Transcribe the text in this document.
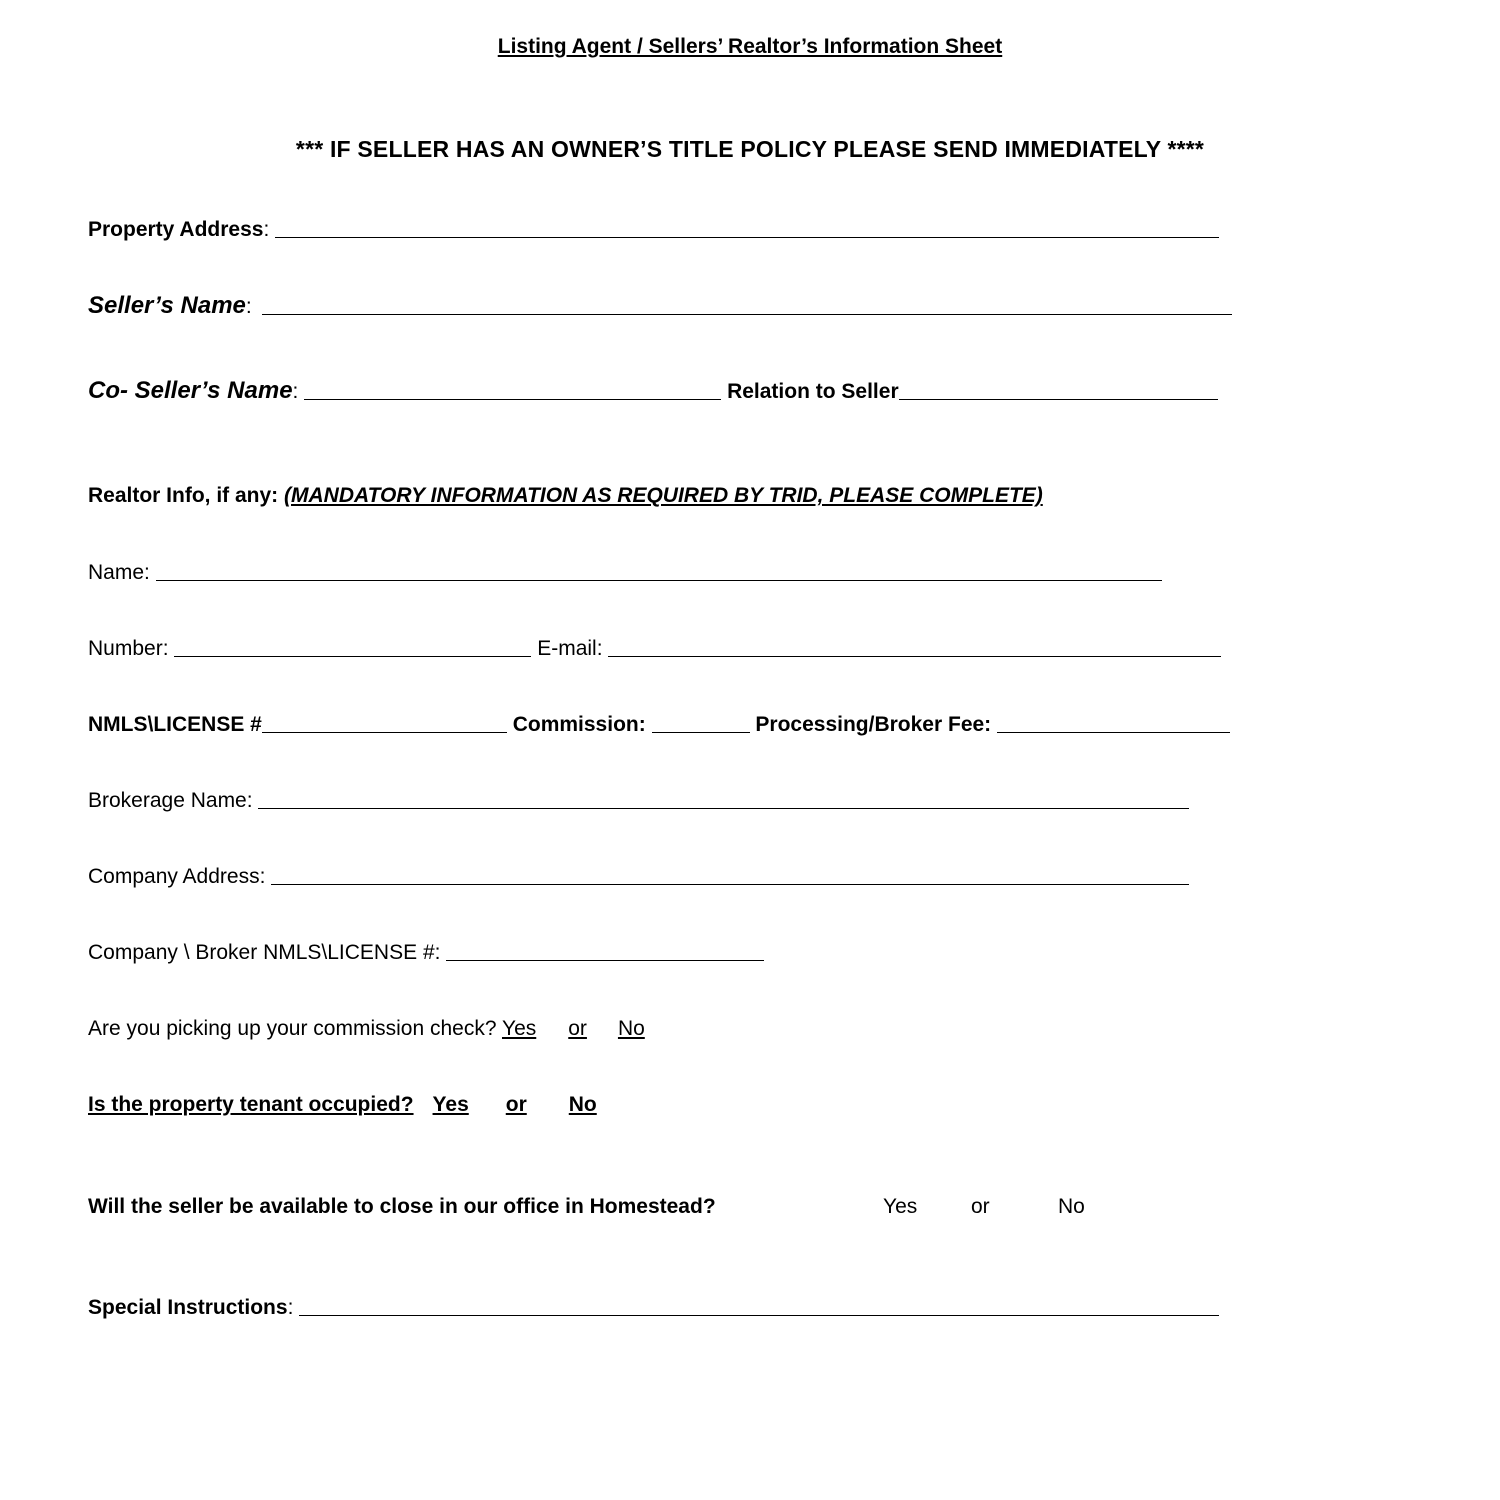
Listing Agent / Sellers’ Realtor’s Information Sheet
*** IF SELLER HAS AN OWNER’S TITLE POLICY PLEASE SEND IMMEDIATELY ****
Property Address:
Seller’s Name:
Co- Seller’s Name:	Relation to Seller
Realtor Info, if any: (MANDATORY INFORMATION AS REQUIRED BY TRID, PLEASE COMPLETE)
Name:
Number:	E-mail:
NMLS\LICENSE #	Commission:	Processing/Broker Fee:
Brokerage Name:
Company Address:
Company \ Broker NMLS\LICENSE #:
Are you picking up your commission check? Yes or No
Is the property tenant occupied? Yes or No
Will the seller be available to close in our office in Homestead?	Yes	or	No
Special Instructions:
